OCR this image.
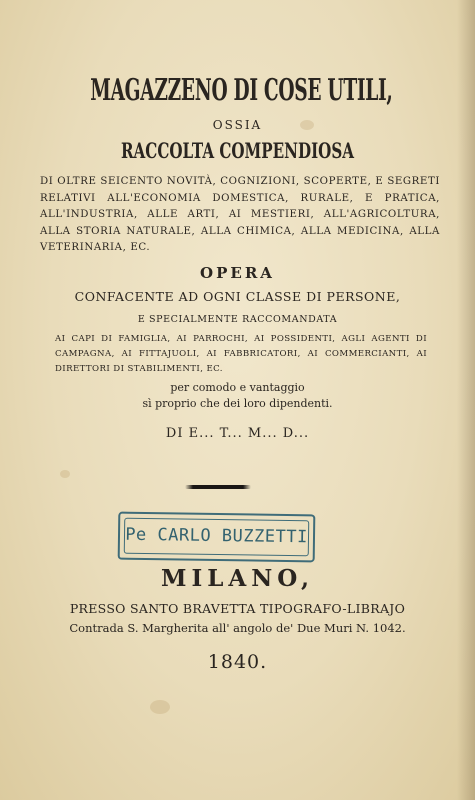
MAGAZZENO DI COSE UTILI,
OSSIA
RACCOLTA COMPENDIOSA
DI OLTRE SEICENTO NOVITÀ, COGNIZIONI, SCOPERTE, E SEGRETI RELATIVI ALL'ECONOMIA DOMESTICA, RURALE, E PRATICA, ALL'INDUSTRIA, ALLE ARTI, AI MESTIERI, ALL'AGRICOLTURA, ALLA STORIA NATURALE, ALLA CHIMICA, ALLA MEDICINA, ALLA VETERINARIA, EC.
OPERA
CONFACENTE AD OGNI CLASSE DI PERSONE,
E SPECIALMENTE RACCOMANDATA
AI CAPI DI FAMIGLIA, AI PARROCHI, AI POSSIDENTI, AGLI AGENTI DI CAMPAGNA, AI FITTAJUOLI, AI FABBRICATORI, AI COMMERCIANTI, AI DIRETTORI DI STABILIMENTI, EC.
per comodo e vantaggio
sì proprio che dei loro dipendenti.
DI E... T... M... D...
Pe CARLO BUZZETTI
MILANO,
PRESSO SANTO BRAVETTA TIPOGRAFO-LIBRAJO
Contrada S. Margherita all' angolo de' Due Muri N. 1042.
1840.
